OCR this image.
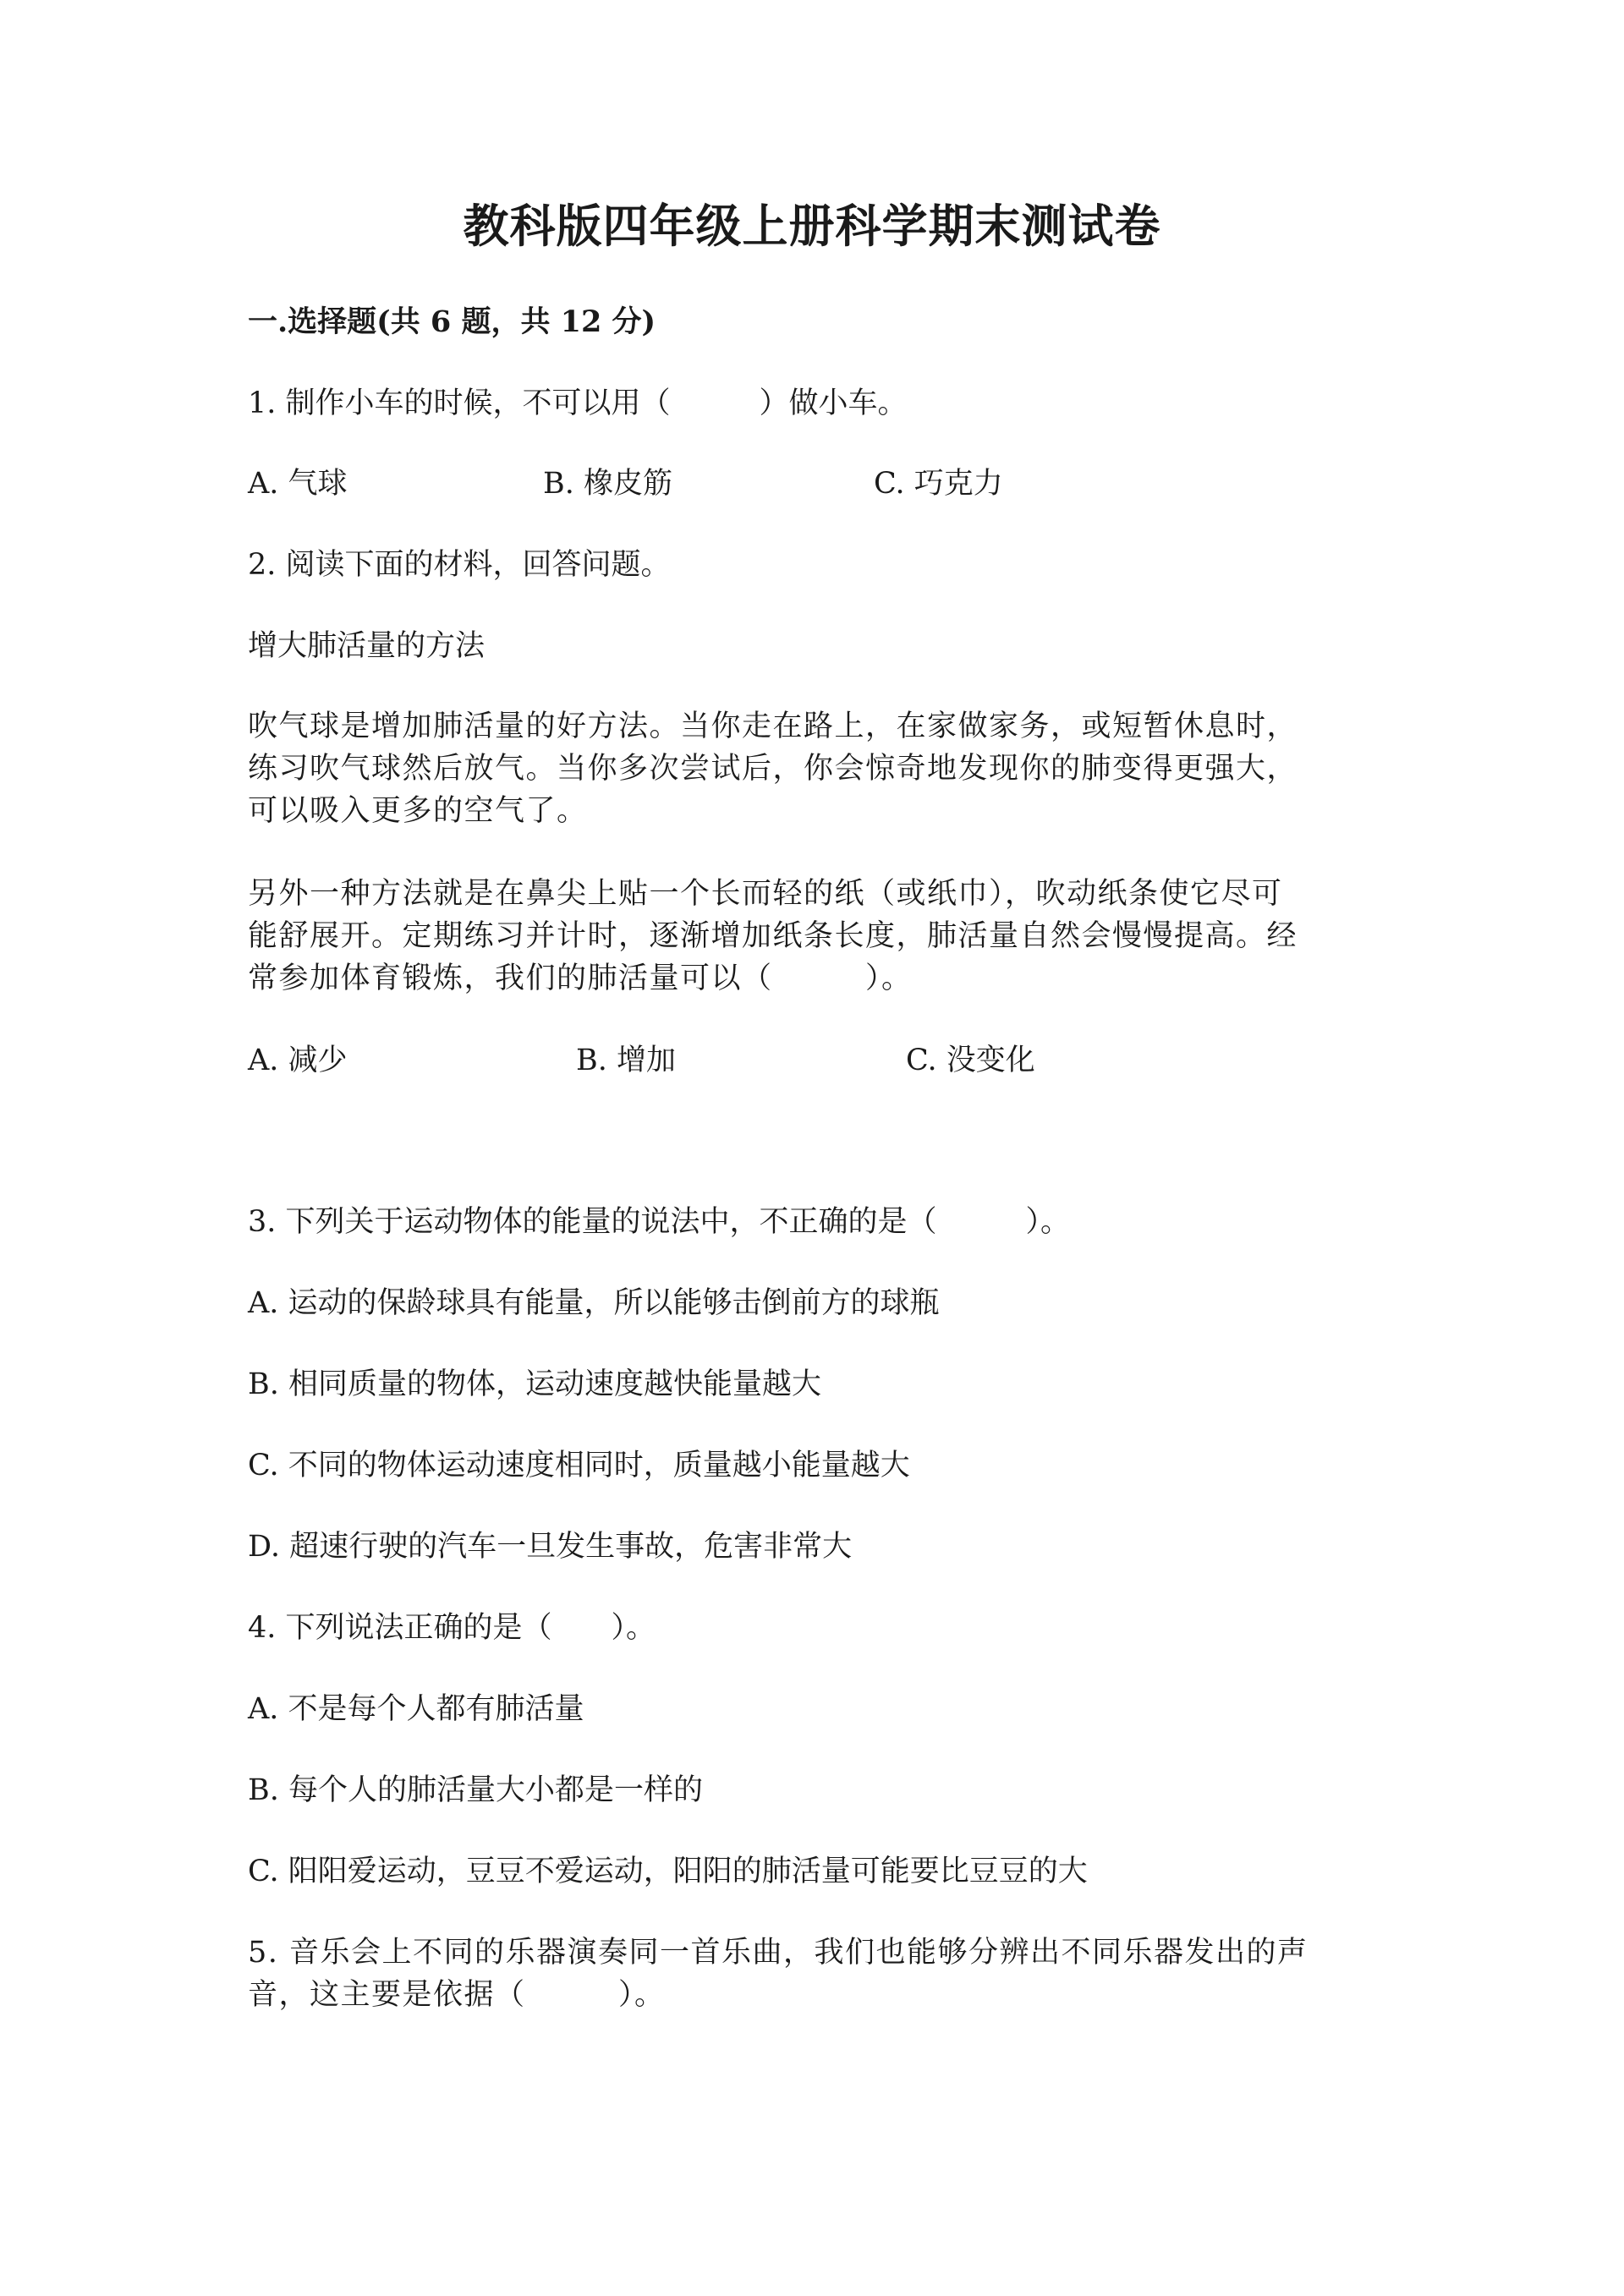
教科版四年级上册科学期末测试卷
一.选择题(共 6 题，共 12 分)
1. 制作小车的时候，不可以用（　　　）做小车。
A. 气球	B. 橡皮筋	C. 巧克力
2. 阅读下面的材料，回答问题。
增大肺活量的方法
吹气球是增加肺活量的好方法。当你走在路上，在家做家务，或短暂休息时，
练习吹气球然后放气。当你多次尝试后，你会惊奇地发现你的肺变得更强大，
可以吸入更多的空气了。
另外一种方法就是在鼻尖上贴一个长而轻的纸（或纸巾），吹动纸条使它尽可
能舒展开。定期练习并计时，逐渐增加纸条长度，肺活量自然会慢慢提高。经
常参加体育锻炼，我们的肺活量可以（　　　）。
A. 减少	B. 增加	C. 没变化
3. 下列关于运动物体的能量的说法中，不正确的是（　　　）。
A. 运动的保龄球具有能量，所以能够击倒前方的球瓶
B. 相同质量的物体，运动速度越快能量越大
C. 不同的物体运动速度相同时，质量越小能量越大
D. 超速行驶的汽车一旦发生事故，危害非常大
4. 下列说法正确的是（　　）。
A. 不是每个人都有肺活量
B. 每个人的肺活量大小都是一样的
C. 阳阳爱运动，豆豆不爱运动，阳阳的肺活量可能要比豆豆的大
5. 音乐会上不同的乐器演奏同一首乐曲，我们也能够分辨出不同乐器发出的声
音，这主要是依据（　　　）。
